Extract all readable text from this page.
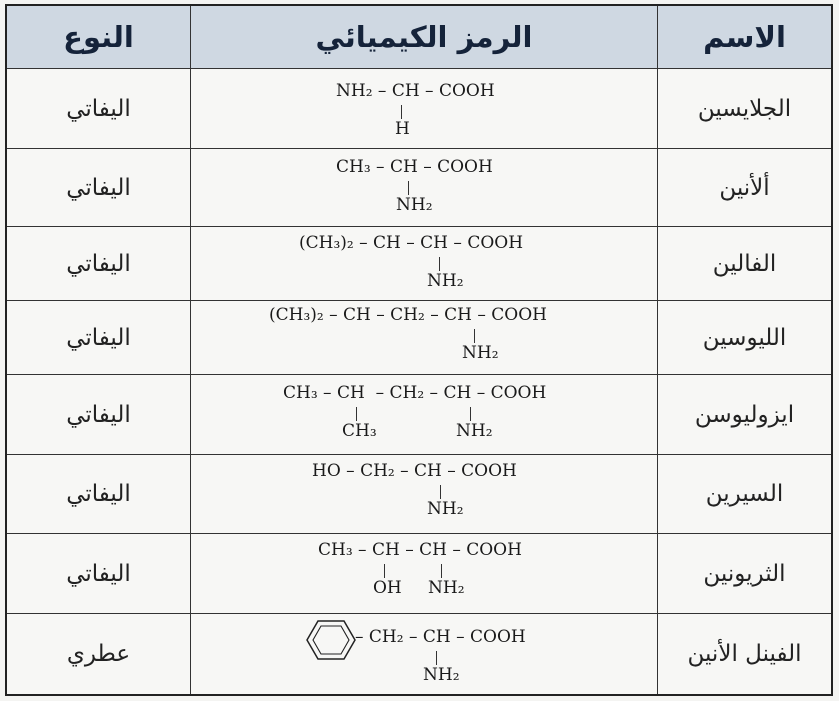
الاسم
الرمز الكيميائي
النوع
الجلايسين
NH₂ – CH – COOH
H
اليفاتي
ألأنين
CH₃ – CH – COOH
NH₂
اليفاتي
الفالين
(CH₃)₂ – CH – CH – COOH
NH₂
اليفاتي
الليوسين
(CH₃)₂ – CH – CH₂ – CH – COOH
NH₂
اليفاتي
ايزوليوسن
CH₃ – CH  – CH₂ – CH – COOH
CH₃	NH₂
اليفاتي
السيرين
HO – CH₂ – CH – COOH
NH₂
اليفاتي
الثريونين
CH₃ – CH – CH – COOH
OH NH₂
اليفاتي
الفينل الأنين
– CH₂ – CH – COOH
NH₂
عطري
